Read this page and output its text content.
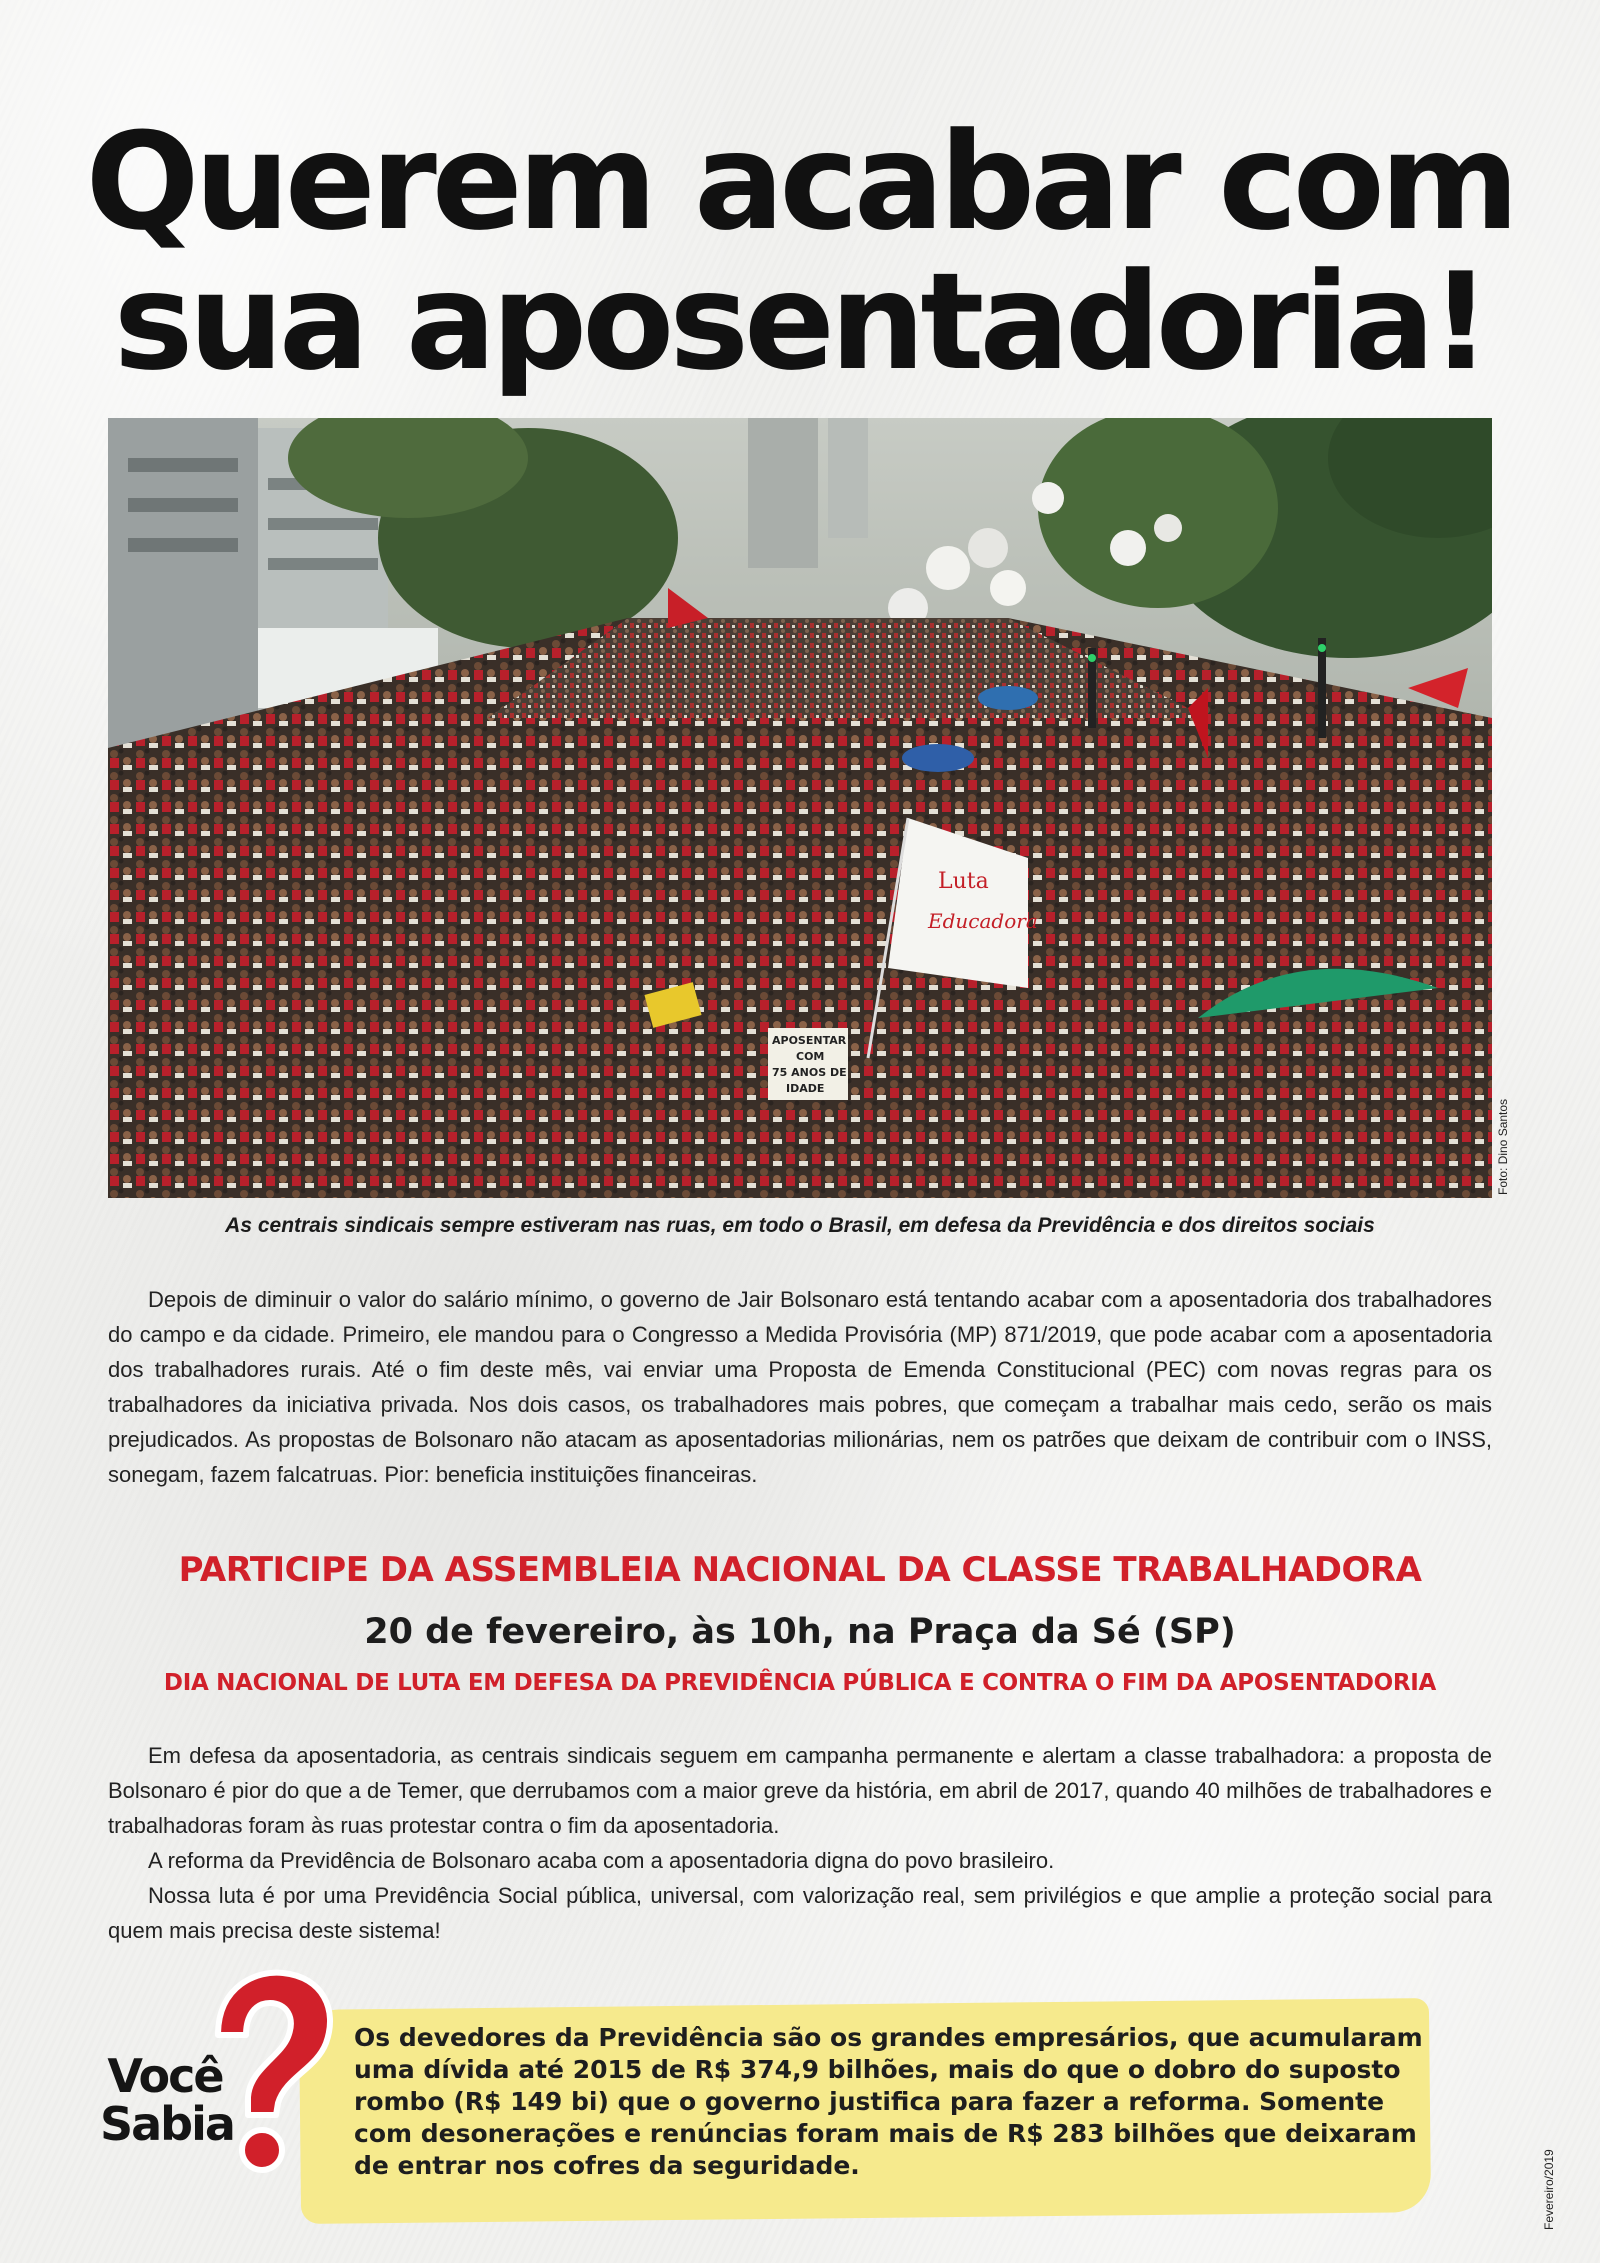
Querem acabar com
sua aposentadoria!
Luta
Educadora
APOSENTAR
COM
75 ANOS DE
IDADE
Foto: Dino Santos
As centrais sindicais sempre estiveram nas ruas, em todo o Brasil, em defesa da Previdência e dos direitos sociais

Depois de diminuir o valor do salário mínimo, o governo de Jair Bolsonaro está tentando acabar com a aposentadoria dos trabalhadores do campo e da cidade. Primeiro, ele mandou para o Congresso a Medida Provisória (MP) 871/2019, que pode acabar com a aposentadoria dos trabalhadores rurais. Até o fim deste mês, vai enviar uma Proposta de Emenda Constitucional (PEC) com novas regras para os trabalhadores da iniciativa privada. Nos dois casos, os trabalhadores mais pobres, que começam a trabalhar mais cedo, serão os mais prejudicados. As propostas de Bolsonaro não atacam as aposentadorias milionárias, nem os patrões que deixam de contribuir com o INSS, sonegam, fazem falcatruas. Pior: beneficia instituições financeiras.

PARTICIPE DA ASSEMBLEIA NACIONAL DA CLASSE TRABALHADORA
20 de fevereiro, às 10h, na Praça da Sé (SP)
DIA NACIONAL DE LUTA EM DEFESA DA PREVIDÊNCIA PÚBLICA E CONTRA O FIM DA APOSENTADORIA

Em defesa da aposentadoria, as centrais sindicais seguem em campanha permanente e alertam a classe trabalhadora: a proposta de Bolsonaro é pior do que a de Temer, que derrubamos com a maior greve da história, em abril de 2017, quando 40 milhões de trabalhadores e trabalhadoras foram às ruas protestar contra o fim da aposentadoria.

A reforma da Previdência de Bolsonaro acaba com a aposentadoria digna do povo brasileiro.

Nossa luta é por uma Previdência Social pública, universal, com valorização real, sem privilégios e que amplie a proteção social para quem mais precisa deste sistema!

Você
Sabia

Os devedores da Previdência são os grandes empresários, que acumularam uma dívida até 2015 de R$ 374,9 bilhões, mais do que o dobro do suposto rombo (R$ 149 bi) que o governo justifica para fazer a reforma. Somente com desonerações e renúncias foram mais de R$ 283 bilhões que deixaram de entrar nos cofres da seguridade.	Fevereiro/2019
